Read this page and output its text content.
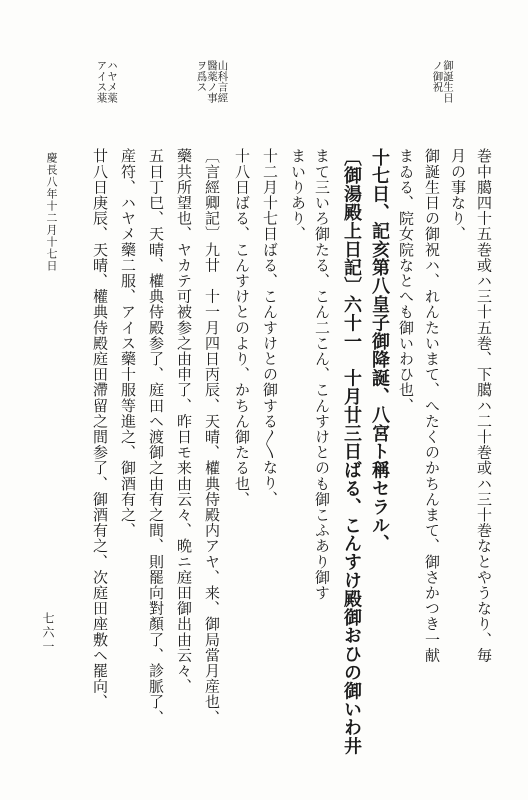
御誕生日
ノ御祝
山科言經
醫薬ノ事
ヲ爲ス
ハヤメ薬
アイス薬
巻中臈四十五巻或ハ三十五巻、下臈ハ二十巻或ハ三十巻なとやうなり、毎
月の事なり、
御誕生日の御祝ハ、れんたいまて、へたくのかちんまて、御さかつき一献
まゐる、院女院なとへも御いわひ也、
十七日、記亥第八皇子御降誕、八宮ト稱セラル、
〔御湯殿上日記〕六十一　十月廿三日ばる、こんすけ殿御おひの御いわ井
まて三いろ御たる、こん二こん、こんすけとのも御こふあり御す
まいりあり、
十二月十七日ばる、こんすけとの御する〳〵なり、
十八日ばる、こんすけとのより、かちん御たる也、
〔言經卿記〕九廿　十一月四日丙辰、天晴、權典侍殿内アヤ、来、御局當月産也、
藥共所望也、ヤカテ可被参之由申了、昨日モ来由云々、晩ニ庭田御出由云々、
五日丁巳、天晴、權典侍殿参了、庭田ヘ渡御之由有之間、則罷向對顏了、診脈了、
産符、ハヤメ藥二服、アイス藥十服等進之、御酒有之、
廿八日庚辰、天晴、權典侍殿庭田滯留之間参了、御酒有之、次庭田座敷ヘ罷向、
慶長八年十二月十七日
七六一
